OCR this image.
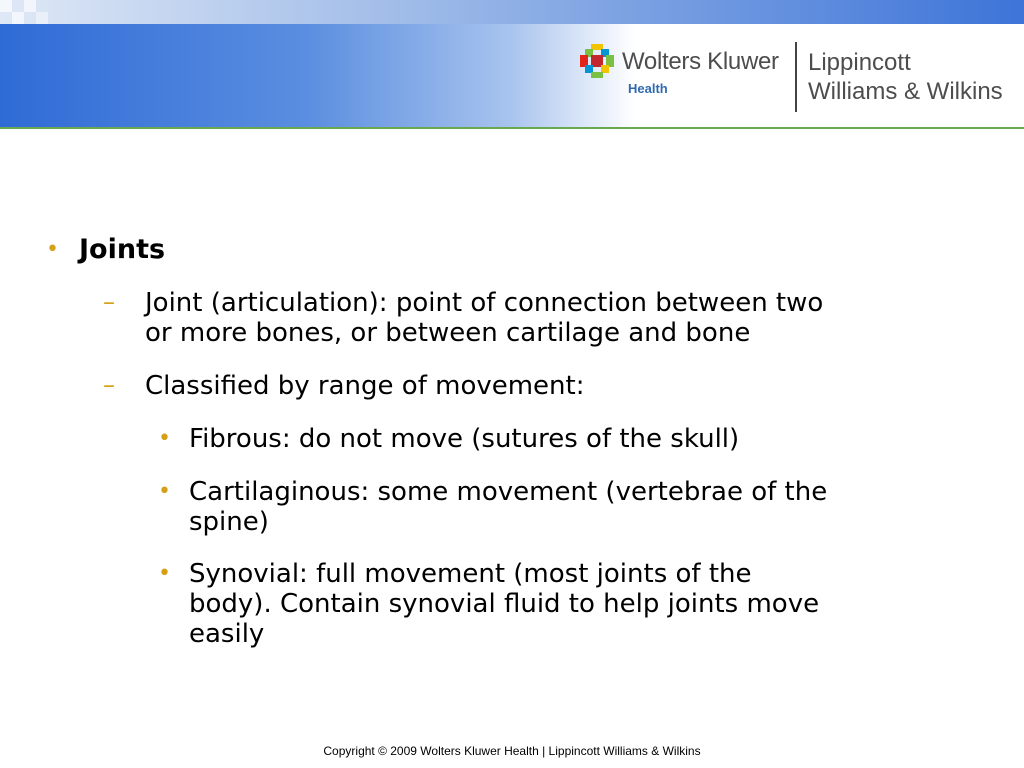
Wolters Kluwer
Health
Lippincott
Williams & Wilkins
• Joints
– Joint (articulation): point of connection between two
or more bones, or between cartilage and bone
– Classified by range of movement:
• Fibrous: do not move (sutures of the skull)
• Cartilaginous: some movement (vertebrae of the
spine)
• Synovial: full movement (most joints of the
body). Contain synovial fluid to help joints move
easily
Copyright © 2009 Wolters Kluwer Health | Lippincott Williams & Wilkins
